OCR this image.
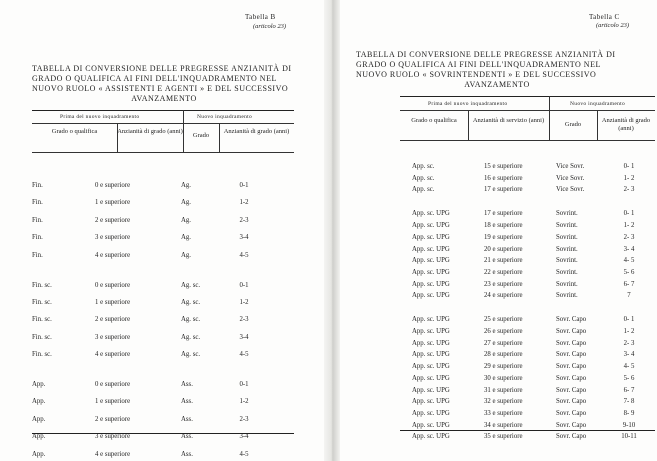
Tabella B
(articolo 23)
TABELLA DI CONVERSIONE DELLE PREGRESSE ANZIANITÀ DI
GRADO O QUALIFICA AI FINI DELL'INQUADRAMENTO NEL
NUOVO RUOLO « ASSISTENTI E AGENTI » E DEL SUCCESSIVO
AVANZAMENTO
Prima del nuovo inquadramento	Nuovo inquadramento
Grado o qualifica	Anzianità di grado (anni)
Grado
Anzianità di grado (anni)
Fin.	0 e superiore	Ag.	0-1
Fin.	1 e superiore	Ag.	1-2
Fin.	2 e superiore	Ag.	2-3
Fin.	3 e superiore	Ag.	3-4
Fin.	4 e superiore	Ag.	4-5
Fin. sc.	0 e superiore	Ag. sc.	0-1
Fin. sc.	1 e superiore	Ag. sc.	1-2
Fin. sc.	2 e superiore	Ag. sc.	2-3
Fin. sc.	3 e superiore	Ag. sc.	3-4
Fin. sc.	4 e superiore	Ag. sc.	4-5
App.	0 e superiore	Ass.	0-1
App.	1 e superiore	Ass.	1-2
App.	2 e superiore	Ass.	2-3
App.	3 e superiore	Ass.	3-4
App.	4 e superiore	Ass.	4-5
Tabella C
(articolo 23)
TABELLA DI CONVERSIONE DELLE PREGRESSE ANZIANITÀ DI
GRADO O QUALIFICA AI FINI DELL'INQUADRAMENTO NEL
NUOVO RUOLO « SOVRINTENDENTI » E DEL SUCCESSIVO
AVANZAMENTO
Prima del nuovo inquadramento	Nuovo inquadramento
Grado o qualifica	Anzianità di servizio (anni)
Grado
Anzianità di grado (anni)
App. sc.	15 e superiore	Vice Sovr.	0- 1
App. sc.	16 e superiore	Vice Sovr.	1- 2
App. sc.	17 e superiore	Vice Sovr.	2- 3
App. sc. UPG	17 e superiore	Sovrint.	0- 1
App. sc. UPG	18 e superiore	Sovrint.	1- 2
App. sc. UPG	19 e superiore	Sovrint.	2- 3
App. sc. UPG	20 e superiore	Sovrint.	3- 4
App. sc. UPG	21 e superiore	Sovrint.	4- 5
App. sc. UPG	22 e superiore	Sovrint.	5- 6
App. sc. UPG	23 e superiore	Sovrint.	6- 7
App. sc. UPG	24 e superiore	Sovrint.	7
App. sc. UPG	25 e superiore	Sovr. Capo	0- 1
App. sc. UPG	26 e superiore	Sovr. Capo	1- 2
App. sc. UPG	27 e superiore	Sovr. Capo	2- 3
App. sc. UPG	28 e superiore	Sovr. Capo	3- 4
App. sc. UPG	29 e superiore	Sovr. Capo	4- 5
App. sc. UPG	30 e superiore	Sovr. Capo	5- 6
App. sc. UPG	31 e superiore	Sovr. Capo	6- 7
App. sc. UPG	32 e superiore	Sovr. Capo	7- 8
App. sc. UPG	33 e superiore	Sovr. Capo	8- 9
App. sc. UPG	34 e superiore	Sovr. Capo	9-10
App. sc. UPG	35 e superiore	Sovr. Capo	10-11
